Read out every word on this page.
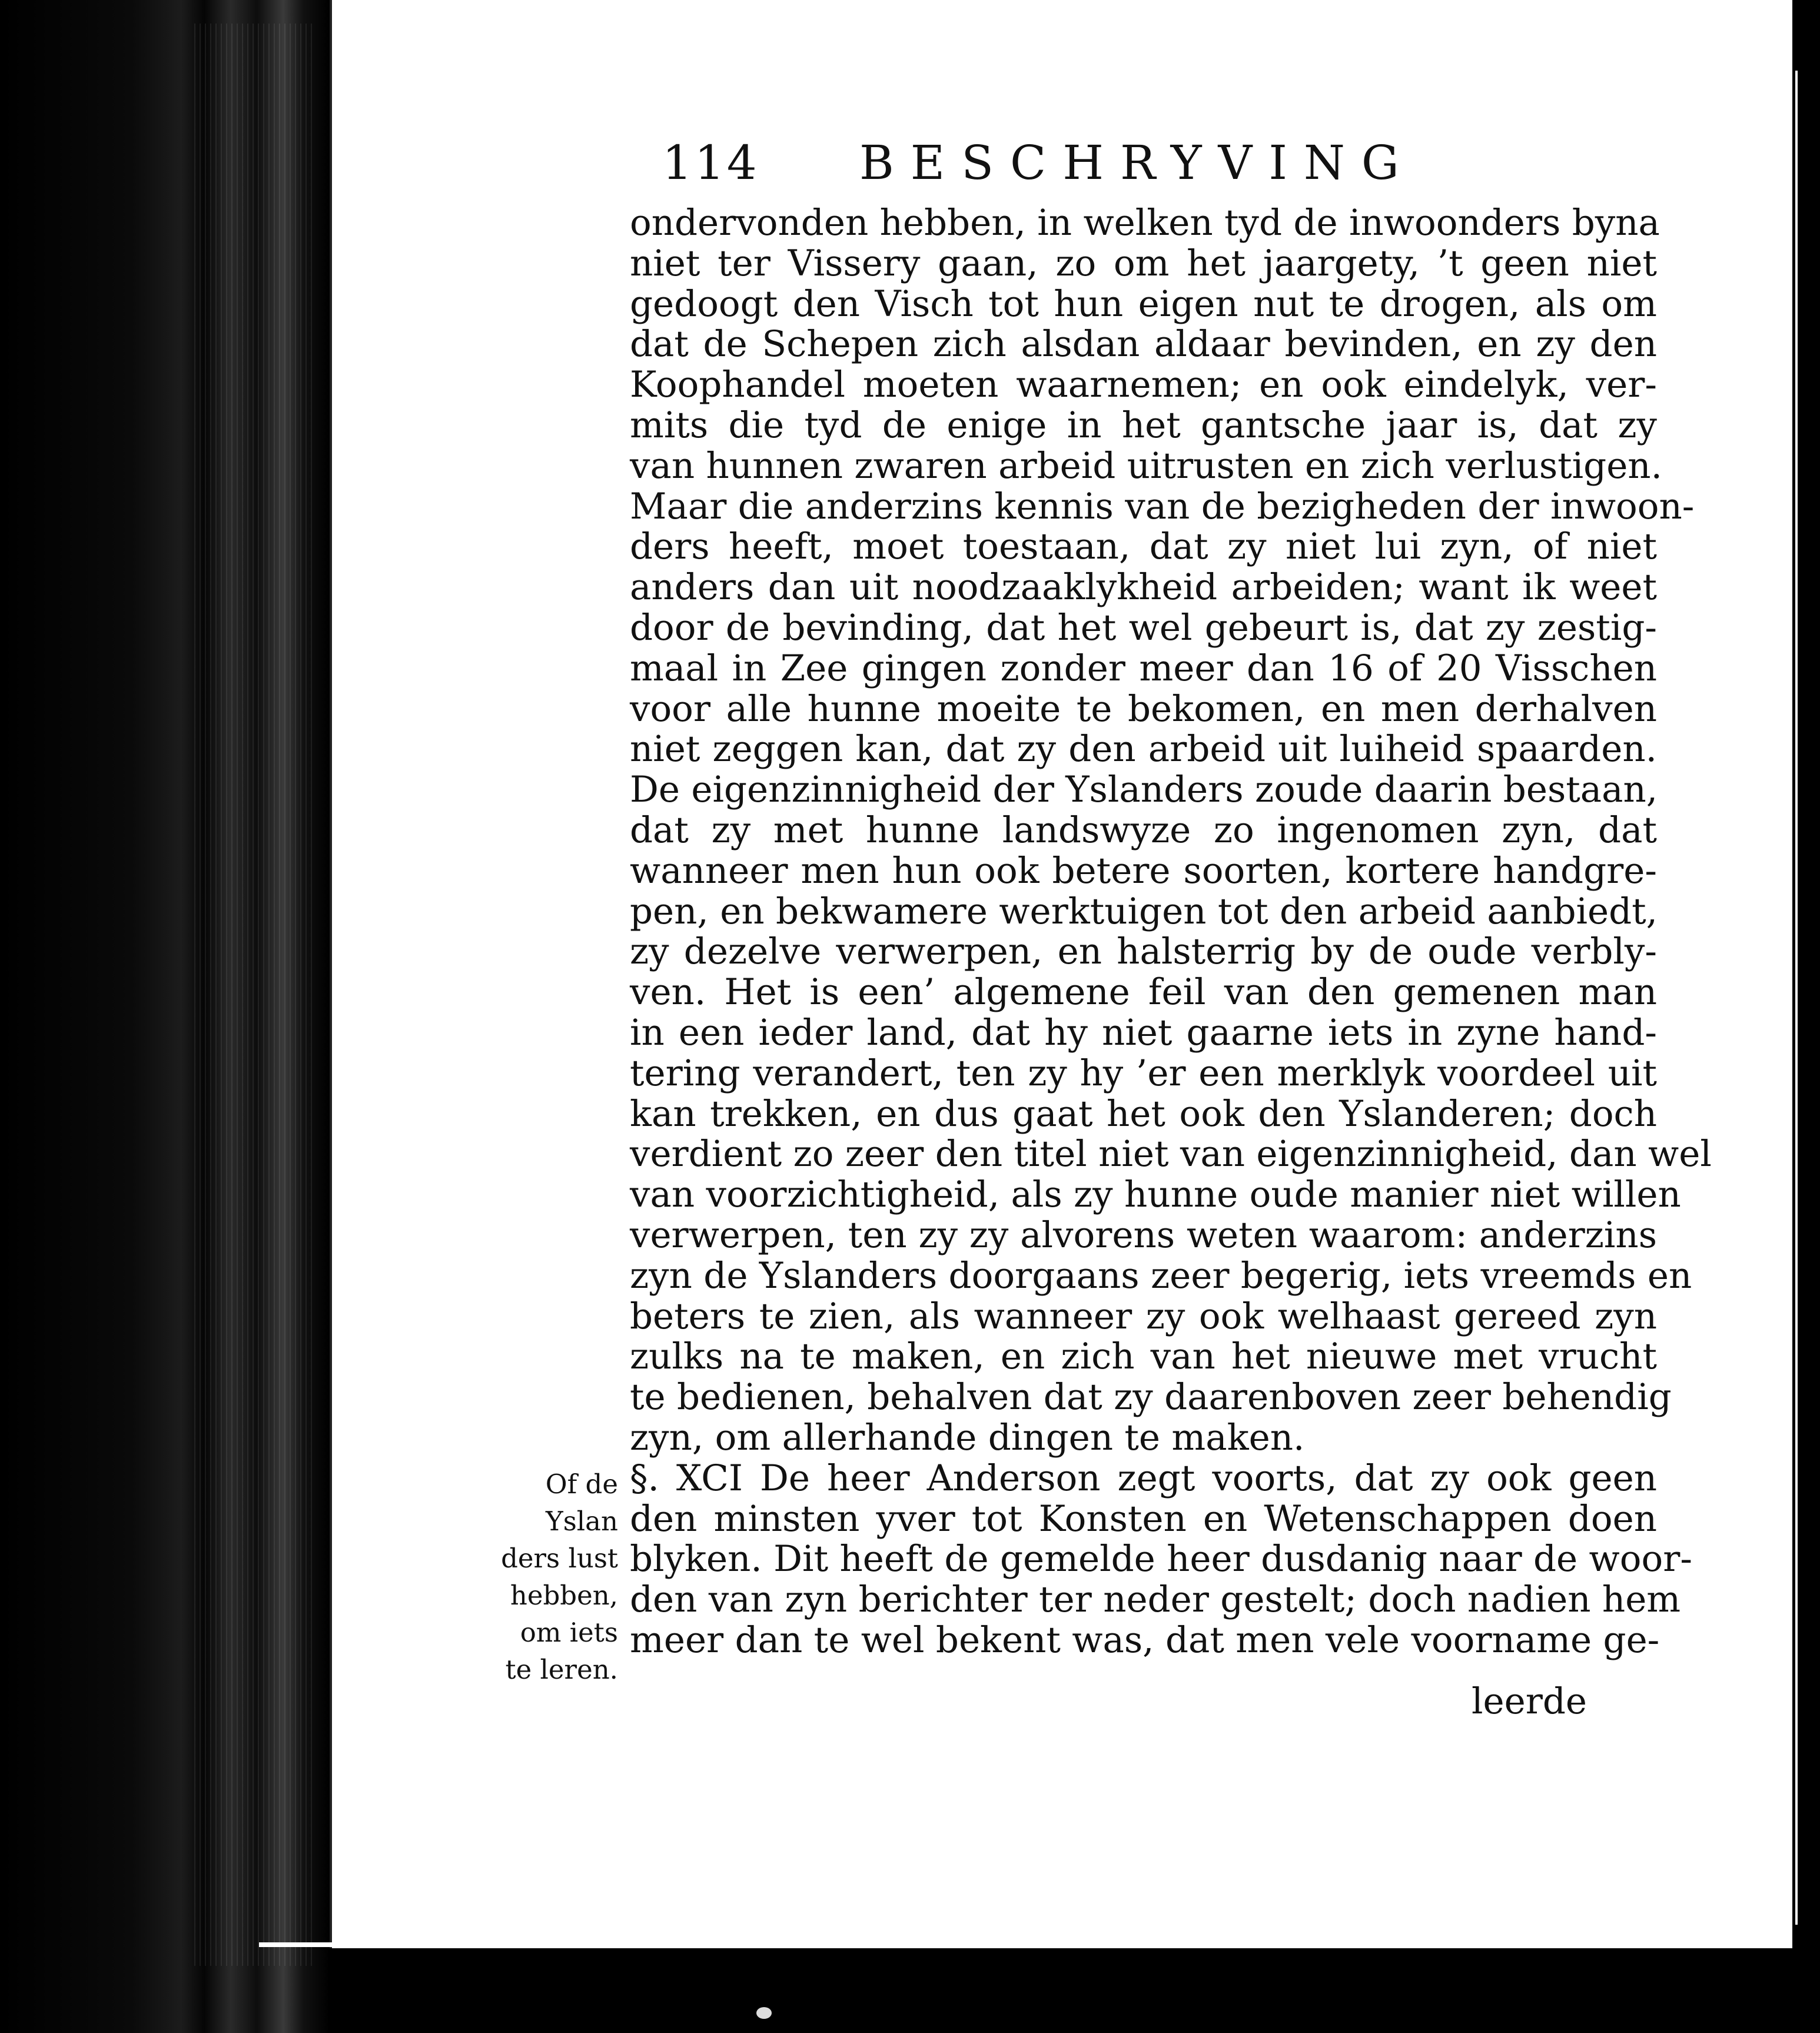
114 BESCHRYVING
ondervonden hebben, in welken tyd de inwoonders byna
niet ter Vissery gaan, zo om het jaargety, ’t geen niet
gedoogt den Visch tot hun eigen nut te drogen, als om
dat de Schepen zich alsdan aldaar bevinden, en zy den
Koophandel moeten waarnemen; en ook eindelyk, ver-
mits die tyd de enige in het gantsche jaar is, dat zy
van hunnen zwaren arbeid uitrusten en zich verlustigen.
Maar die anderzins kennis van de bezigheden der inwoon-
ders heeft, moet toestaan, dat zy niet lui zyn, of niet
anders dan uit noodzaaklykheid arbeiden; want ik weet
door de bevinding, dat het wel gebeurt is, dat zy zestig-
maal in Zee gingen zonder meer dan 16 of 20 Visschen
voor alle hunne moeite te bekomen, en men derhalven
niet zeggen kan, dat zy den arbeid uit luiheid spaarden.
De eigenzinnigheid der Yslanders zoude daarin bestaan,
dat zy met hunne landswyze zo ingenomen zyn, dat
wanneer men hun ook betere soorten, kortere handgre-
pen, en bekwamere werktuigen tot den arbeid aanbiedt,
zy dezelve verwerpen, en halsterrig by de oude verbly-
ven. Het is een’ algemene feil van den gemenen man
in een ieder land, dat hy niet gaarne iets in zyne hand-
tering verandert, ten zy hy ’er een merklyk voordeel uit
kan trekken, en dus gaat het ook den Yslanderen; doch
verdient zo zeer den titel niet van eigenzinnigheid, dan wel
van voorzichtigheid, als zy hunne oude manier niet willen
verwerpen, ten zy zy alvorens weten waarom: anderzins
zyn de Yslanders doorgaans zeer begerig, iets vreemds en
beters te zien, als wanneer zy ook welhaast gereed zyn
zulks na te maken, en zich van het nieuwe met vrucht
te bedienen, behalven dat zy daarenboven zeer behendig
zyn, om allerhande dingen te maken.
§. XCI De heer Anderson zegt voorts, dat zy ook geen
den minsten yver tot Konsten en Wetenschappen doen
blyken. Dit heeft de gemelde heer dusdanig naar de woor-
den van zyn berichter ter neder gestelt; doch nadien hem
meer dan te wel bekent was, dat men vele voorname ge-
leerde
Of de
Yslan
ders lust
hebben,
om iets
te leren.
